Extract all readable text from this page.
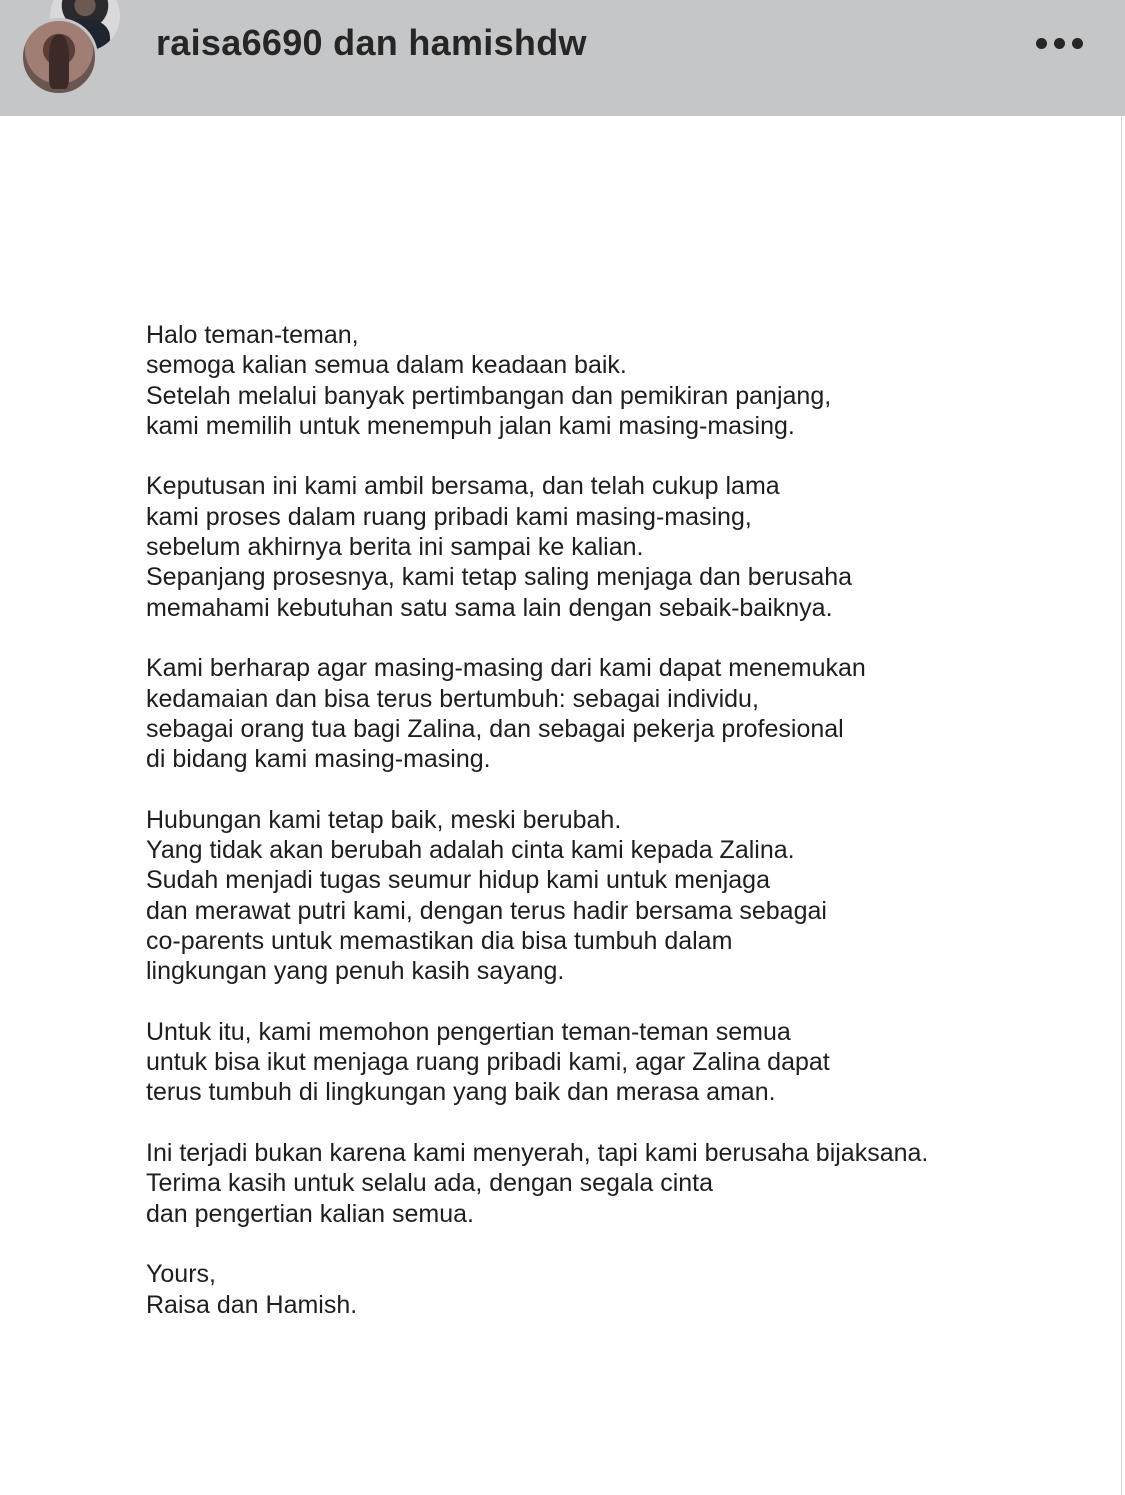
raisa6690 dan hamishdw
Halo teman-teman,
semoga kalian semua dalam keadaan baik.
Setelah melalui banyak pertimbangan dan pemikiran panjang,
kami memilih untuk menempuh jalan kami masing-masing.
Keputusan ini kami ambil bersama, dan telah cukup lama
kami proses dalam ruang pribadi kami masing-masing,
sebelum akhirnya berita ini sampai ke kalian.
Sepanjang prosesnya, kami tetap saling menjaga dan berusaha
memahami kebutuhan satu sama lain dengan sebaik-baiknya.
Kami berharap agar masing-masing dari kami dapat menemukan
kedamaian dan bisa terus bertumbuh: sebagai individu,
sebagai orang tua bagi Zalina, dan sebagai pekerja profesional
di bidang kami masing-masing.
Hubungan kami tetap baik, meski berubah.
Yang tidak akan berubah adalah cinta kami kepada Zalina.
Sudah menjadi tugas seumur hidup kami untuk menjaga
dan merawat putri kami, dengan terus hadir bersama sebagai
co-parents untuk memastikan dia bisa tumbuh dalam
lingkungan yang penuh kasih sayang.
Untuk itu, kami memohon pengertian teman-teman semua
untuk bisa ikut menjaga ruang pribadi kami, agar Zalina dapat
terus tumbuh di lingkungan yang baik dan merasa aman.
Ini terjadi bukan karena kami menyerah, tapi kami berusaha bijaksana.
Terima kasih untuk selalu ada, dengan segala cinta
dan pengertian kalian semua.
Yours,
Raisa dan Hamish.
